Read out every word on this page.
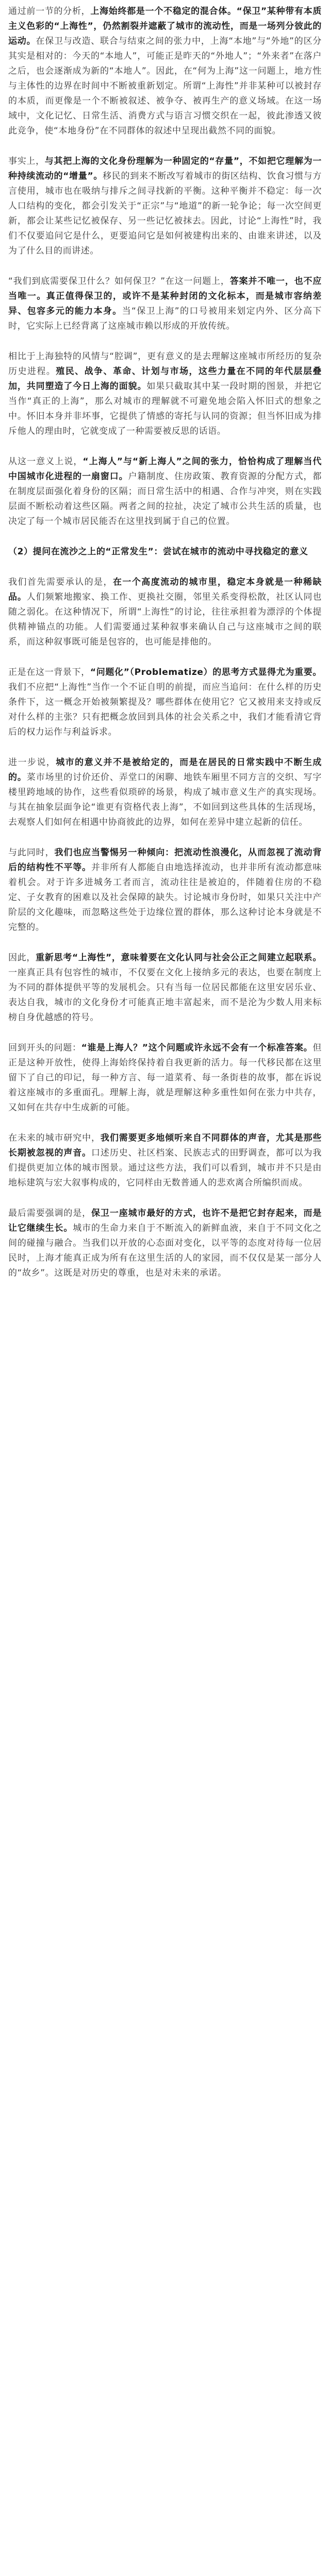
通过前一节的分析，上海始终都是一个不稳定的混合体。“保卫”某种带有本质主义色彩的“上海性”，仍然割裂并遮蔽了城市的流动性，而是一场列分彼此的运动。在保卫与改造、联合与结束之间的张力中，上海“本地”与“外地”的区分其实是相对的：今天的“本地人”，可能正是昨天的“外地人”；“外来者”在落户之后，也会逐渐成为新的“本地人”。因此，在“何为上海”这一问题上，地方性与主体性的边界在时间中不断被重新划定。所谓“上海性”并非某种可以被封存的本质，而更像是一个不断被叙述、被争夺、被再生产的意义场域。在这一场域中，文化记忆、日常生活、消费方式与语言习惯交织在一起，彼此渗透又彼此竞争，使“本地身份”在不同群体的叙述中呈现出截然不同的面貌。

事实上，与其把上海的文化身份理解为一种固定的“存量”，不如把它理解为一种持续流动的“增量”。移民的到来不断改写着城市的街区结构、饮食习惯与方言使用，城市也在吸纳与排斥之间寻找新的平衡。这种平衡并不稳定：每一次人口结构的变化，都会引发关于“正宗”与“地道”的新一轮争论；每一次空间更新，都会让某些记忆被保存、另一些记忆被抹去。因此，讨论“上海性”时，我们不仅要追问它是什么，更要追问它是如何被建构出来的、由谁来讲述，以及为了什么目的而讲述。

“我们到底需要保卫什么？如何保卫？”在这一问题上，答案并不唯一，也不应当唯一。真正值得保卫的，或许不是某种封闭的文化标本，而是城市容纳差异、包容多元的能力本身。当“保卫上海”的口号被用来划定内外、区分高下时，它实际上已经背离了这座城市赖以形成的开放传统。

相比于上海独特的风情与“腔调”，更有意义的是去理解这座城市所经历的复杂历史进程。殖民、战争、革命、计划与市场，这些力量在不同的年代层层叠加，共同塑造了今日上海的面貌。如果只截取其中某一段时期的图景，并把它当作“真正的上海”，那么对城市的理解就不可避免地会陷入怀旧式的想象之中。怀旧本身并非坏事，它提供了情感的寄托与认同的资源；但当怀旧成为排斥他人的理由时，它就变成了一种需要被反思的话语。

从这一意义上说，“上海人”与“新上海人”之间的张力，恰恰构成了理解当代中国城市化进程的一扇窗口。户籍制度、住房政策、教育资源的分配方式，都在制度层面强化着身份的区隔；而日常生活中的相遇、合作与冲突，则在实践层面不断松动着这些区隔。两者之间的拉扯，决定了城市公共生活的质量，也决定了每一个城市居民能否在这里找到属于自己的位置。

（2）提问在流沙之上的“正常发生”：尝试在城市的流动中寻找稳定的意义

我们首先需要承认的是，在一个高度流动的城市里，稳定本身就是一种稀缺品。人们频繁地搬家、换工作、更换社交圈，邻里关系变得松散，社区认同也随之弱化。在这种情况下，所谓“上海性”的讨论，往往承担着为漂浮的个体提供精神锚点的功能。人们需要通过某种叙事来确认自己与这座城市之间的联系，而这种叙事既可能是包容的，也可能是排他的。

正是在这一背景下，“问题化”（Problematize）的思考方式显得尤为重要。我们不应把“上海性”当作一个不证自明的前提，而应当追问：在什么样的历史条件下，这一概念开始被频繁提及？哪些群体在使用它？它又被用来支持或反对什么样的主张？只有把概念放回到具体的社会关系之中，我们才能看清它背后的权力运作与利益诉求。

进一步说，城市的意义并不是被给定的，而是在居民的日常实践中不断生成的。菜市场里的讨价还价、弄堂口的闲聊、地铁车厢里不同方言的交织、写字楼里跨地域的协作，这些看似琐碎的场景，构成了城市意义生产的真实现场。与其在抽象层面争论“谁更有资格代表上海”，不如回到这些具体的生活现场，去观察人们如何在相遇中协商彼此的边界，如何在差异中建立起新的信任。

与此同时，我们也应当警惕另一种倾向：把流动性浪漫化，从而忽视了流动背后的结构性不平等。并非所有人都能自由地选择流动，也并非所有流动都意味着机会。对于许多进城务工者而言，流动往往是被迫的，伴随着住房的不稳定、子女教育的困难以及社会保障的缺失。讨论城市身份时，如果只关注中产阶层的文化趣味，而忽略这些处于边缘位置的群体，那么这种讨论本身就是不完整的。

因此，重新思考“上海性”，意味着要在文化认同与社会公正之间建立起联系。一座真正具有包容性的城市，不仅要在文化上接纳多元的表达，也要在制度上为不同的群体提供平等的发展机会。只有当每一位居民都能在这里安居乐业、表达自我，城市的文化身份才可能真正地丰富起来，而不是沦为少数人用来标榜自身优越感的符号。

回到开头的问题：“谁是上海人？”这个问题或许永远不会有一个标准答案。但正是这种开放性，使得上海始终保持着自我更新的活力。每一代移民都在这里留下了自己的印记，每一种方言、每一道菜肴、每一条街巷的故事，都在诉说着这座城市的多重面孔。理解上海，就是理解这种多重性如何在张力中共存，又如何在共存中生成新的可能。

在未来的城市研究中，我们需要更多地倾听来自不同群体的声音，尤其是那些长期被忽视的声音。口述历史、社区档案、民族志式的田野调查，都可以为我们提供更加立体的城市图景。通过这些方法，我们可以看到，城市并不只是由地标建筑与宏大叙事构成的，它同样由无数普通人的悲欢离合所编织而成。

最后需要强调的是，保卫一座城市最好的方式，也许不是把它封存起来，而是让它继续生长。城市的生命力来自于不断流入的新鲜血液，来自于不同文化之间的碰撞与融合。当我们以开放的心态面对变化，以平等的态度对待每一位居民时，上海才能真正成为所有在这里生活的人的家园，而不仅仅是某一部分人的“故乡”。这既是对历史的尊重，也是对未来的承诺。
